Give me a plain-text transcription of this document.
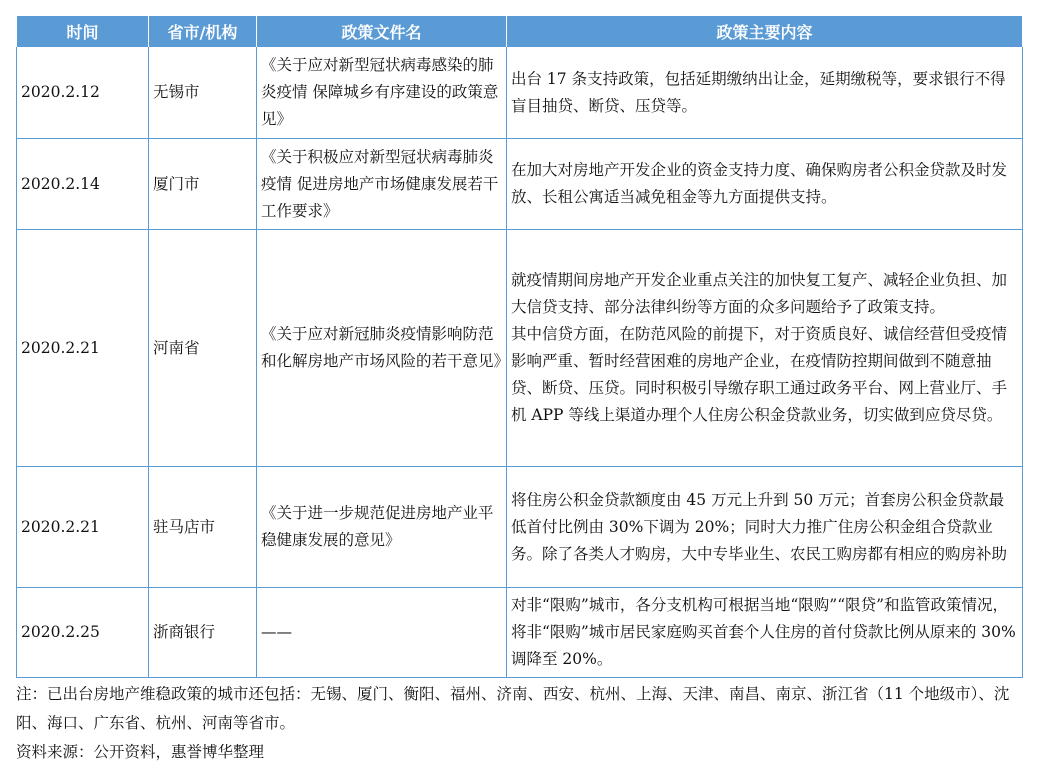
时间	省市/机构	政策文件名	政策主要内容
2020.2.12	无锡市	《关于应对新型冠状病毒感染的肺炎疫情 保障城乡有序建设的政策意见》	出台 17 条支持政策，包括延期缴纳出让金，延期缴税等，要求银行不得盲目抽贷、断贷、压贷等。
2020.2.14	厦门市	《关于积极应对新型冠状病毒肺炎疫情 促进房地产市场健康发展若干工作要求》	在加大对房地产开发企业的资金支持力度、确保购房者公积金贷款及时发放、长租公寓适当减免租金等九方面提供支持。
2020.2.21	河南省	《关于应对新冠肺炎疫情影响防范和化解房地产市场风险的若干意见》	就疫情期间房地产开发企业重点关注的加快复工复产、减轻企业负担、加大信贷支持、部分法律纠纷等方面的众多问题给予了政策支持。
其中信贷方面，在防范风险的前提下，对于资质良好、诚信经营但受疫情影响严重、暂时经营困难的房地产企业，在疫情防控期间做到不随意抽贷、断贷、压贷。同时积极引导缴存职工通过政务平台、网上营业厅、手机 APP 等线上渠道办理个人住房公积金贷款业务，切实做到应贷尽贷。

2020.2.21	驻马店市	《关于进一步规范促进房地产业平稳健康发展的意见》	将住房公积金贷款额度由 45 万元上升到 50 万元；首套房公积金贷款最低首付比例由 30%下调为 20%；同时大力推广住房公积金组合贷款业务。除了各类人才购房，大中专毕业生、农民工购房都有相应的购房补助
2020.2.25	浙商银行	——	对非“限购”城市，各分支机构可根据当地“限购”“限贷”和监管政策情况，将非“限购”城市居民家庭购买首套个人住房的首付贷款比例从原来的 30%调降至 20%。

注：已出台房地产维稳政策的城市还包括：无锡、厦门、衡阳、福州、济南、西安、杭州、上海、天津、南昌、南京、浙江省（11 个地级市）、沈阳、海口、广东省、杭州、河南等省市。

资料来源：公开资料，惠誉博华整理
